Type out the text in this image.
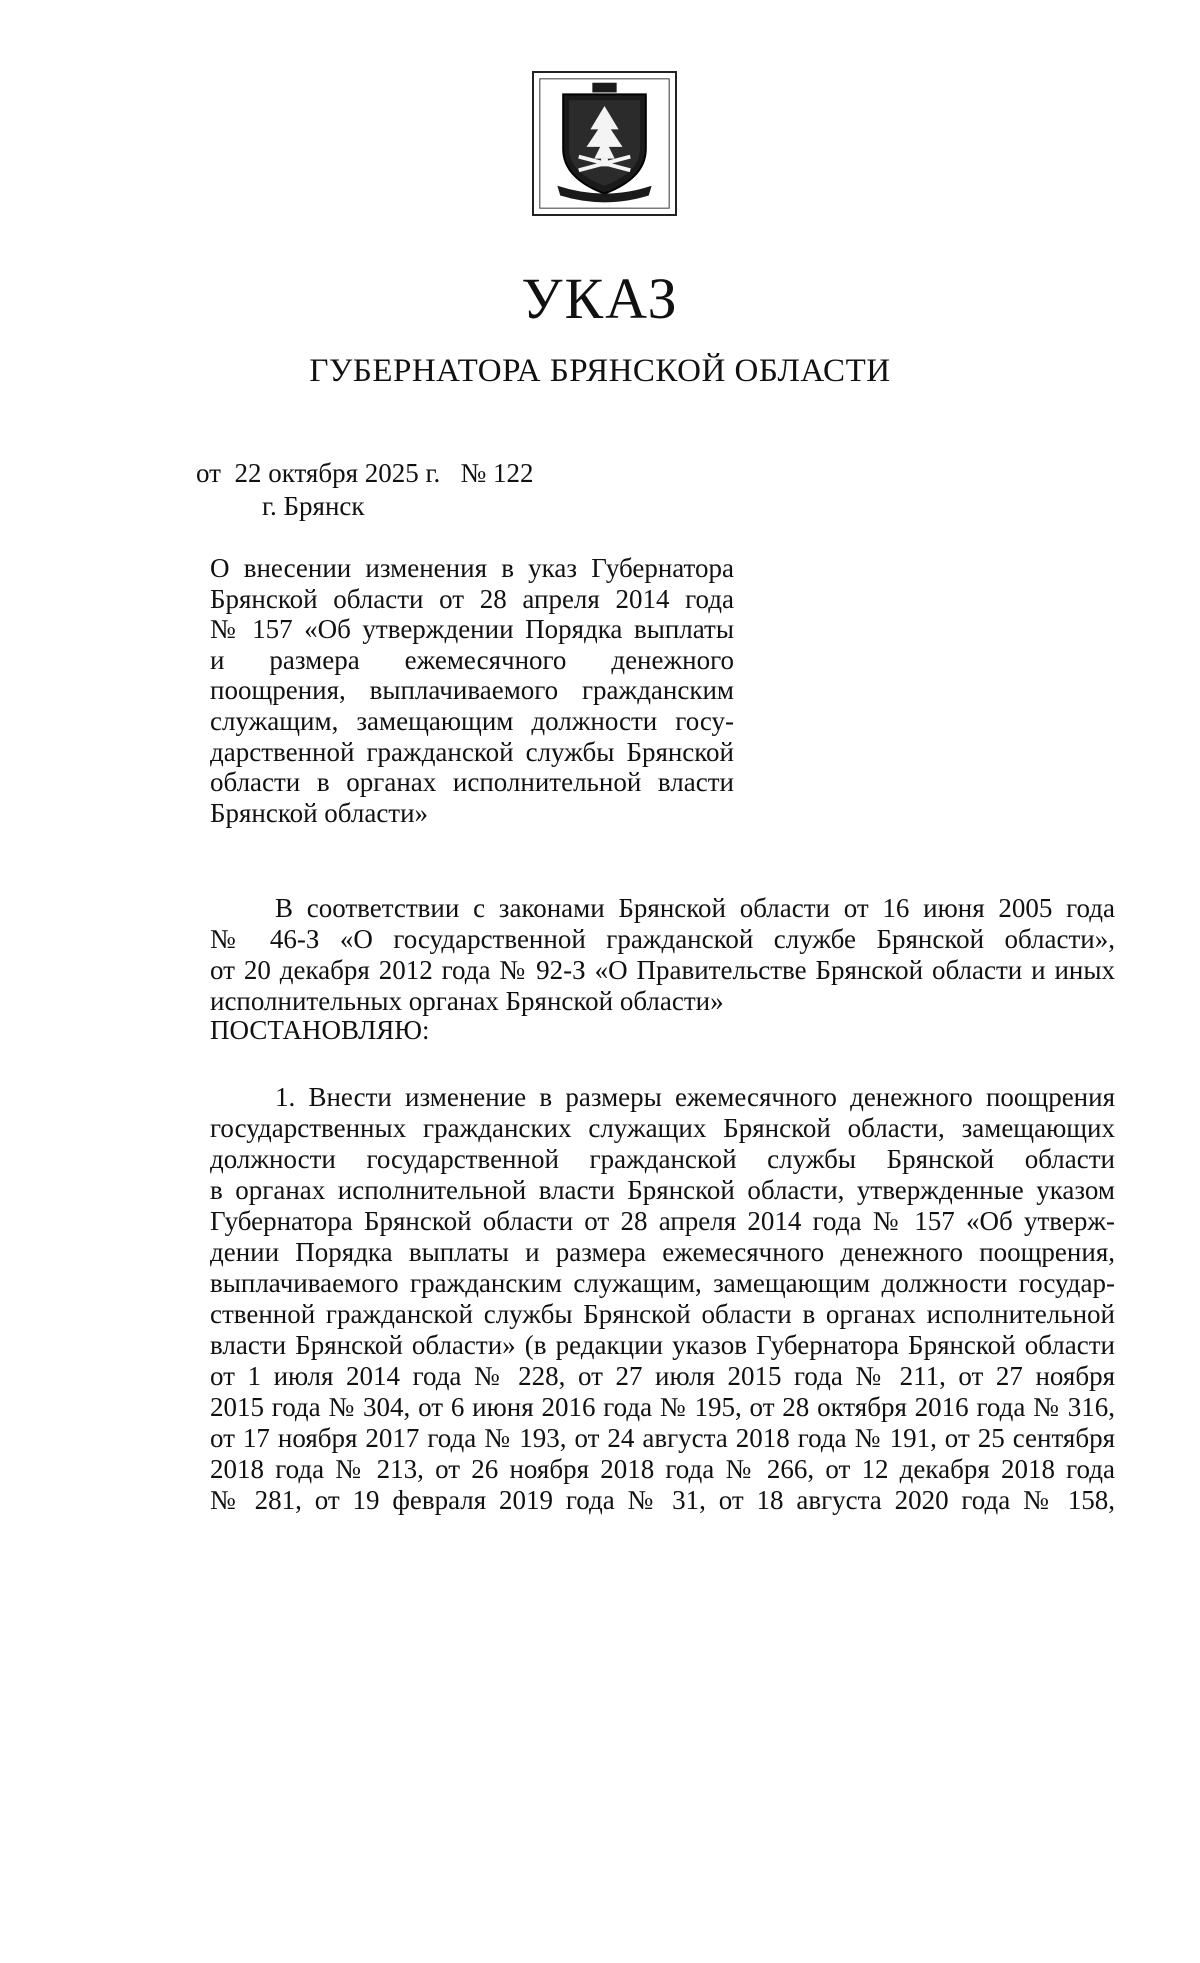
УКАЗ
ГУБЕРНАТОРА БРЯНСКОЙ ОБЛАСТИ
от 22 октября 2025 г. № 122
г. Брянск
О внесении изменения в указ Губернатора
Брянской области от 28 апреля 2014 года
№ 157 «Об утверждении Порядка выплаты
и размера ежемесячного денежного
поощрения, выплачиваемого гражданским
служащим, замещающим должности госу-
дарственной гражданской службы Брянской
области в органах исполнительной власти
Брянской области»
В соответствии с законами Брянской области от 16 июня 2005 года
№ 46-З «О государственной гражданской службе Брянской области»,
от 20 декабря 2012 года № 92-З «О Правительстве Брянской области и иных
исполнительных органах Брянской области»
ПОСТАНОВЛЯЮ:
1. Внести изменение в размеры ежемесячного денежного поощрения
государственных гражданских служащих Брянской области, замещающих
должности государственной гражданской службы Брянской области
в органах исполнительной власти Брянской области, утвержденные указом
Губернатора Брянской области от 28 апреля 2014 года № 157 «Об утверж-
дении Порядка выплаты и размера ежемесячного денежного поощрения,
выплачиваемого гражданским служащим, замещающим должности государ-
ственной гражданской службы Брянской области в органах исполнительной
власти Брянской области» (в редакции указов Губернатора Брянской области
от 1 июля 2014 года № 228, от 27 июля 2015 года № 211, от 27 ноября
2015 года № 304, от 6 июня 2016 года № 195, от 28 октября 2016 года № 316,
от 17 ноября 2017 года № 193, от 24 августа 2018 года № 191, от 25 сентября
2018 года № 213, от 26 ноября 2018 года № 266, от 12 декабря 2018 года
№ 281, от 19 февраля 2019 года № 31, от 18 августа 2020 года № 158,
